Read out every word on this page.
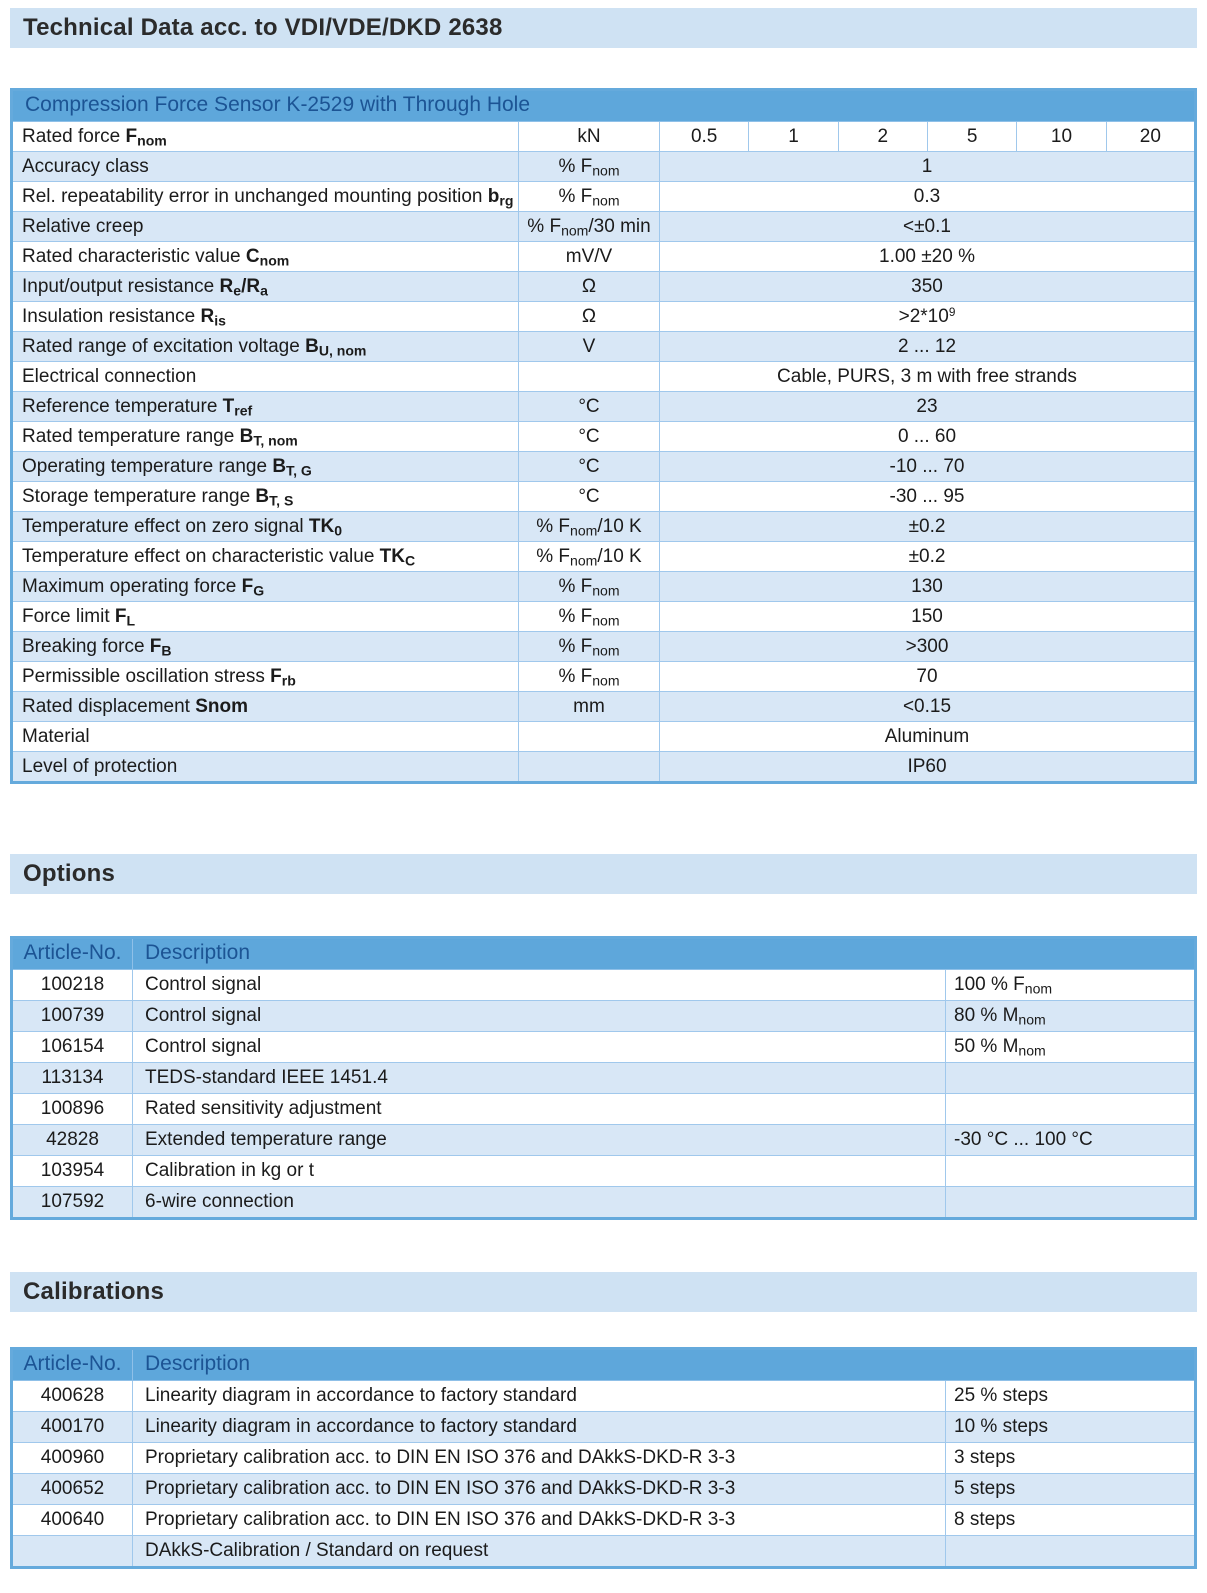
Technical Data acc. to VDI/VDE/DKD 2638
Compression Force Sensor K-2529 with Through Hole							
Rated force $F_{nom}$	kN	0.5	1	2	5	10	20
Accuracy class	% $F_{nom}$	1					
Rel. repeatability error in unchanged mounting position $b_{rg}$	% $F_{nom}$	0.3					
Relative creep	% $F_{nom}/30$ min	<±0.1					
Rated characteristic value $C_{nom}$	mV/V	1.00 ±20 %					
Input/output resistance $R_e/R_a$	Ω	350					
Insulation resistance $R_{is}$	Ω	$>2*10^9$
Rated range of excitation voltage $B_{U, nom}$	V	2 ... 12					
Electrical connection		Cable, PURS, 3 m with free strands					
Reference temperature $T_{ref}$	°C	23					
Rated temperature range $B_{T, nom}$	°C	0 ... 60					
Operating temperature range $B_{T, G}$	°C	-10 ... 70					
Storage temperature range $B_{T, S}$	°C	-30 ... 95					
Temperature effect on zero signal $TK_0$	% $F_{nom}/10$ K	±0.2					
Temperature effect on characteristic value $TK_C$	% $F_{nom}/10$ K	±0.2					
Maximum operating force $F_G$	% $F_{nom}$	130					
Force limit $F_L$	% $F_{nom}$	150					
Breaking force $F_B$	% $F_{nom}$	>300					
Permissible oscillation stress $F_{rb}$	% $F_{nom}$	70					
Rated displacement Snom	mm	<0.15					
Material		Aluminum					
Level of protection		IP60					
Options
Article-No.	Description	
100218	Control signal	100 % $F_{nom}$
100739	Control signal	80 % $M_{nom}$
106154	Control signal	50 % $M_{nom}$
113134	TEDS-standard IEEE 1451.4	
100896	Rated sensitivity adjustment	
42828	Extended temperature range	-30 °C ... 100 °C
103954	Calibration in kg or t	
107592	6-wire connection	
Calibrations
Article-No.	Description	
400628	Linearity diagram in accordance to factory standard	25 % steps
400170	Linearity diagram in accordance to factory standard	10 % steps
400960	Proprietary calibration acc. to DIN EN ISO 376 and DAkkS-DKD-R 3-3	3 steps
400652	Proprietary calibration acc. to DIN EN ISO 376 and DAkkS-DKD-R 3-3	5 steps
400640	Proprietary calibration acc. to DIN EN ISO 376 and DAkkS-DKD-R 3-3	8 steps
	DAkkS-Calibration / Standard on request	
